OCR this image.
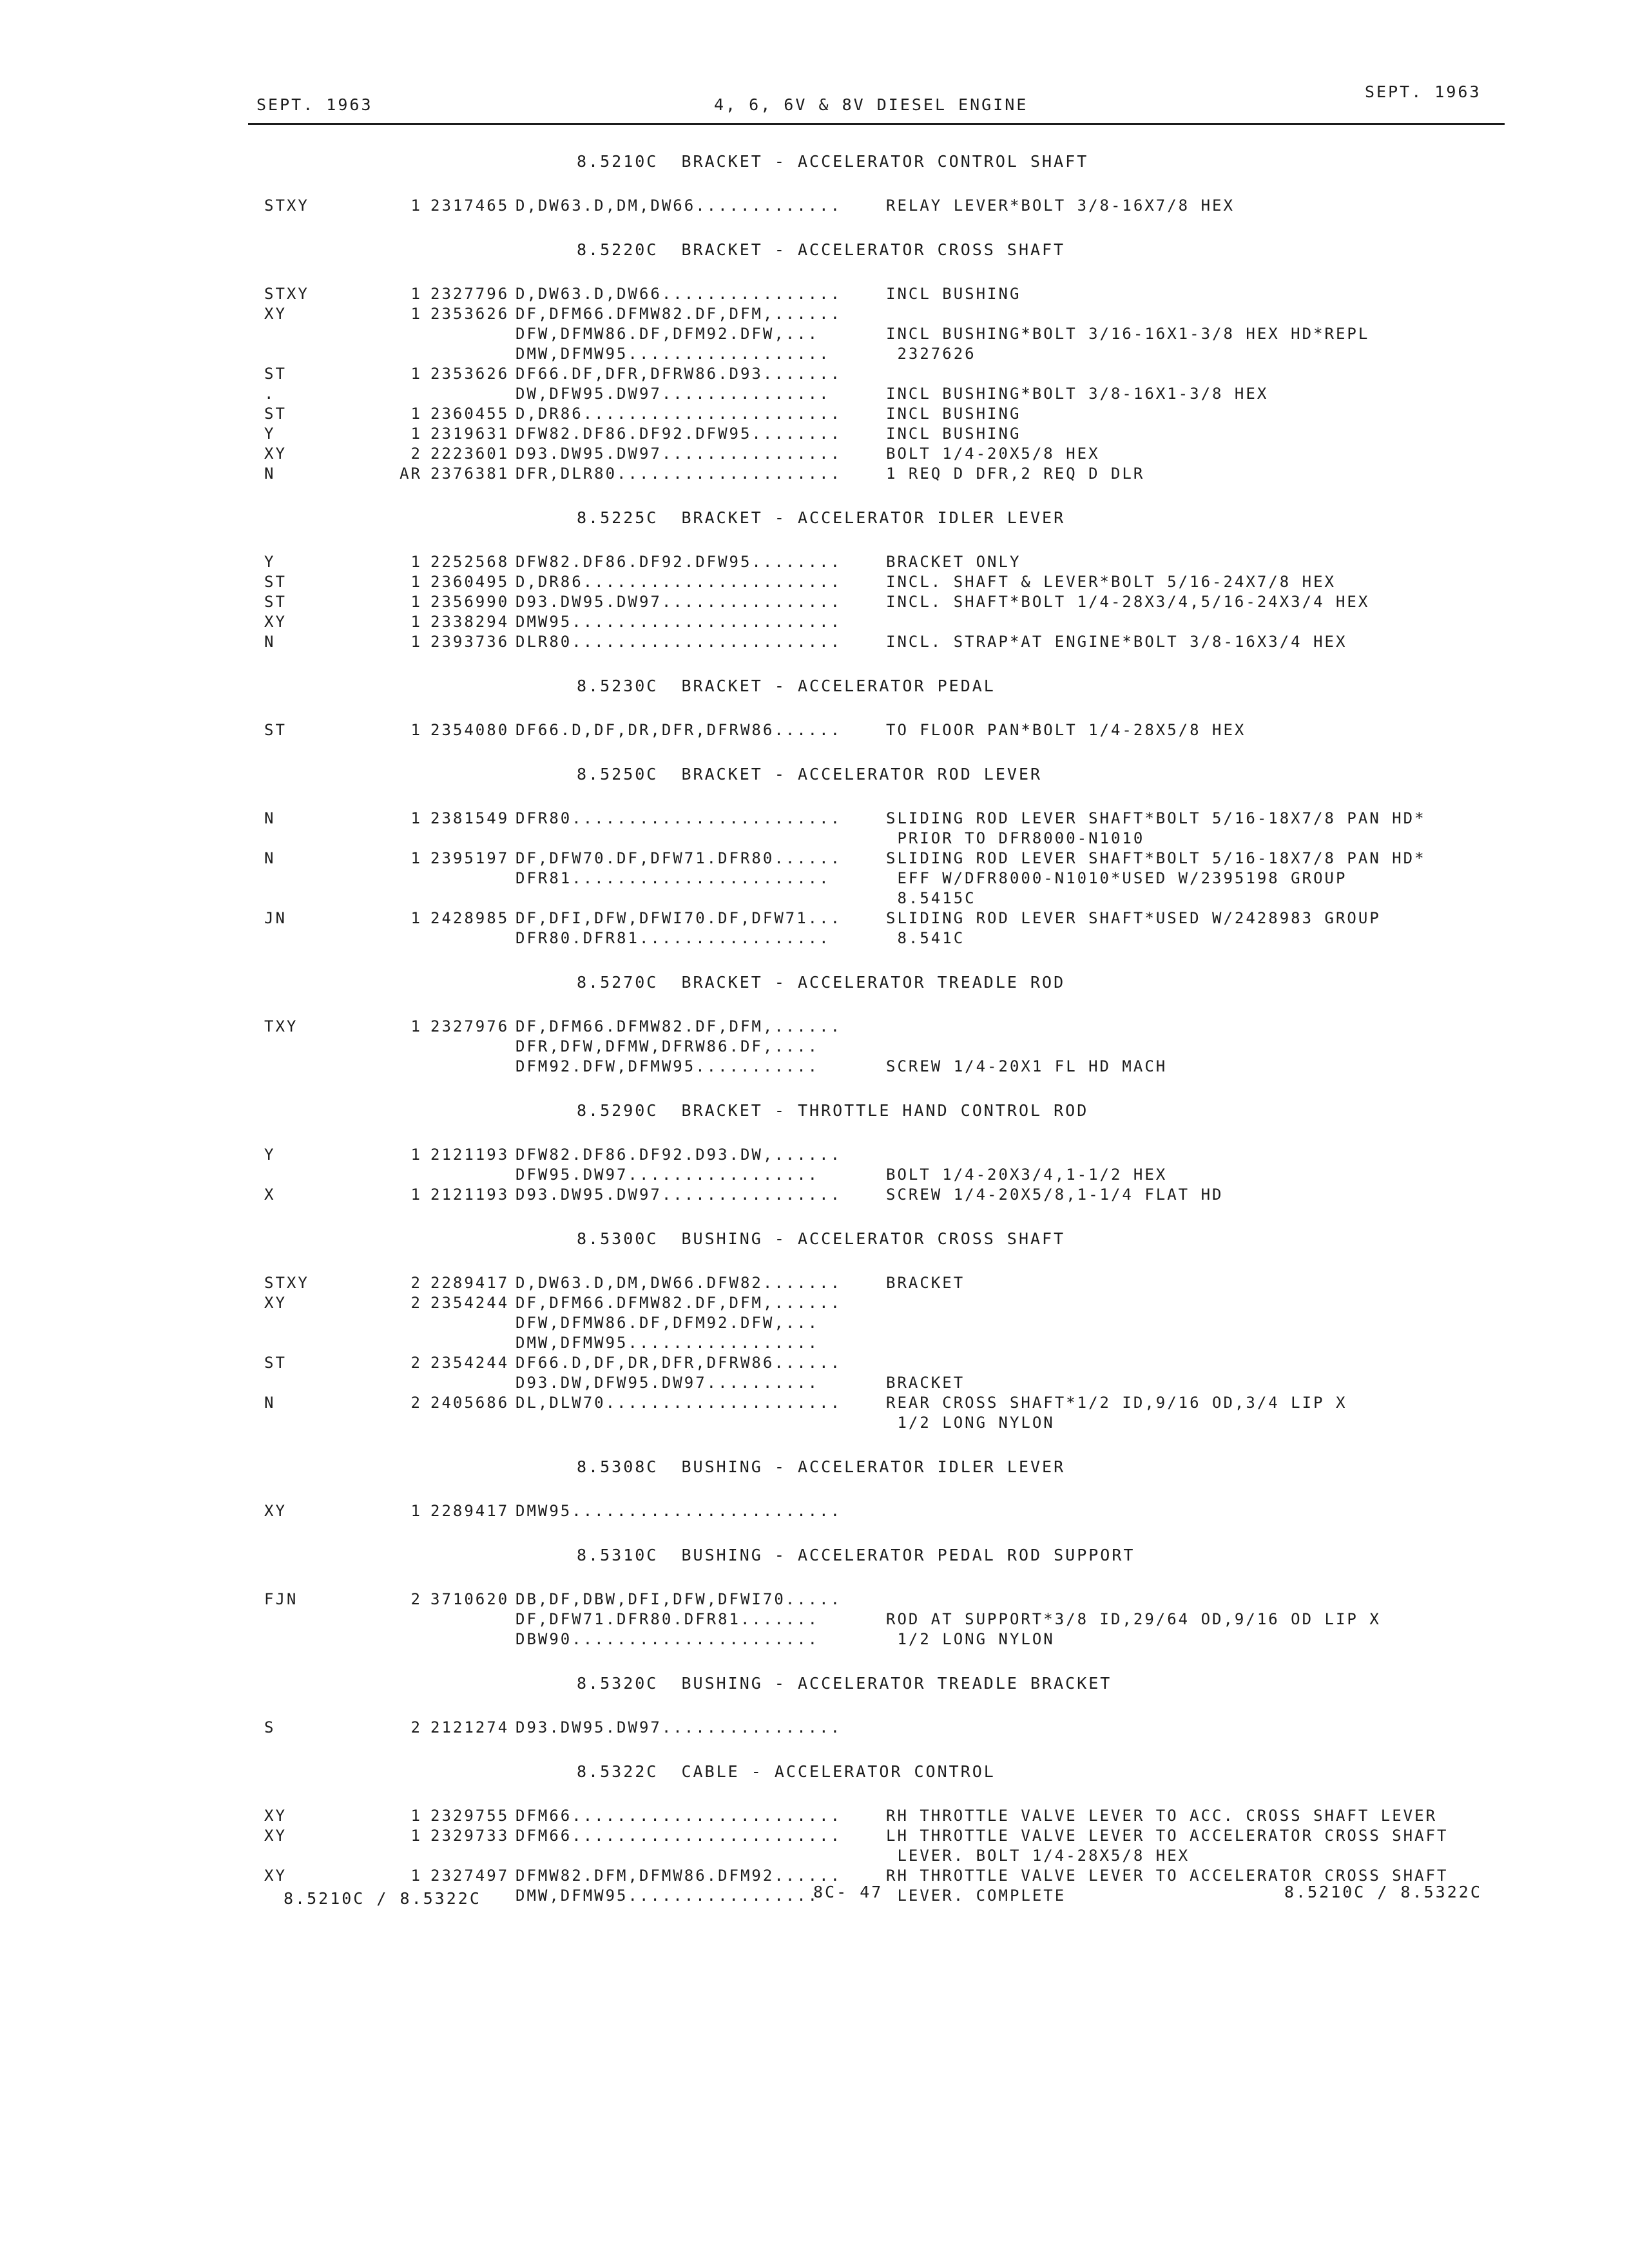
SEPT. 1963	4, 6, 6V & 8V DIESEL ENGINE
SEPT. 1963
8.5210C  BRACKET - ACCELERATOR CONTROL SHAFT
STXY	1 2317465 D,DW63.D,DM,DW66.............	RELAY LEVER*BOLT 3/8-16X7/8 HEX
8.5220C  BRACKET - ACCELERATOR CROSS SHAFT
STXY	1 2327796 D,DW63.D,DW66................	INCL BUSHING
XY	1 2353626 DF,DFM66.DFMW82.DF,DFM,......
DFW,DFMW86.DF,DFM92.DFW,...	INCL BUSHING*BOLT 3/16-16X1-3/8 HEX HD*REPL
DMW,DFMW95..................	2327626
ST	1 2353626 DF66.DF,DFR,DFRW86.D93.......
.	DW,DFW95.DW97...............	INCL BUSHING*BOLT 3/8-16X1-3/8 HEX
ST	1 2360455 D,DR86.......................	INCL BUSHING
Y	1 2319631 DFW82.DF86.DF92.DFW95........	INCL BUSHING
XY	2 2223601 D93.DW95.DW97................	BOLT 1/4-20X5/8 HEX
N	AR 2376381 DFR,DLR80....................	1 REQ D DFR,2 REQ D DLR
8.5225C  BRACKET - ACCELERATOR IDLER LEVER
Y	1 2252568 DFW82.DF86.DF92.DFW95........	BRACKET ONLY
ST	1 2360495 D,DR86.......................	INCL. SHAFT & LEVER*BOLT 5/16-24X7/8 HEX
ST	1 2356990 D93.DW95.DW97................	INCL. SHAFT*BOLT 1/4-28X3/4,5/16-24X3/4 HEX
XY	1 2338294 DMW95........................
N	1 2393736 DLR80........................	INCL. STRAP*AT ENGINE*BOLT 3/8-16X3/4 HEX
8.5230C  BRACKET - ACCELERATOR PEDAL
ST	1 2354080 DF66.D,DF,DR,DFR,DFRW86......	TO FLOOR PAN*BOLT 1/4-28X5/8 HEX
8.5250C  BRACKET - ACCELERATOR ROD LEVER
N	1 2381549 DFR80........................	SLIDING ROD LEVER SHAFT*BOLT 5/16-18X7/8 PAN HD*
PRIOR TO DFR8000-N1010
N	1 2395197 DF,DFW70.DF,DFW71.DFR80......	SLIDING ROD LEVER SHAFT*BOLT 5/16-18X7/8 PAN HD*
DFR81.......................	EFF W/DFR8000-N1010*USED W/2395198 GROUP
8.5415C
JN	1 2428985 DF,DFI,DFW,DFWI70.DF,DFW71...	SLIDING ROD LEVER SHAFT*USED W/2428983 GROUP
DFR80.DFR81.................	8.541C
8.5270C  BRACKET - ACCELERATOR TREADLE ROD
TXY	1 2327976 DF,DFM66.DFMW82.DF,DFM,......
DFR,DFW,DFMW,DFRW86.DF,....
DFM92.DFW,DFMW95...........	SCREW 1/4-20X1 FL HD MACH
8.5290C  BRACKET - THROTTLE HAND CONTROL ROD
Y	1 2121193 DFW82.DF86.DF92.D93.DW,......
DFW95.DW97.................	BOLT 1/4-20X3/4,1-1/2 HEX
X	1 2121193 D93.DW95.DW97................	SCREW 1/4-20X5/8,1-1/4 FLAT HD
8.5300C  BUSHING - ACCELERATOR CROSS SHAFT
STXY	2 2289417 D,DW63.D,DM,DW66.DFW82.......	BRACKET
XY	2 2354244 DF,DFM66.DFMW82.DF,DFM,......
DFW,DFMW86.DF,DFM92.DFW,...
DMW,DFMW95.................
ST	2 2354244 DF66.D,DF,DR,DFR,DFRW86......
D93.DW,DFW95.DW97..........	BRACKET
N	2 2405686 DL,DLW70.....................	REAR CROSS SHAFT*1/2 ID,9/16 OD,3/4 LIP X
1/2 LONG NYLON
8.5308C  BUSHING - ACCELERATOR IDLER LEVER
XY	1 2289417 DMW95........................
8.5310C  BUSHING - ACCELERATOR PEDAL ROD SUPPORT
FJN	2 3710620 DB,DF,DBW,DFI,DFW,DFWI70.....
DF,DFW71.DFR80.DFR81.......	ROD AT SUPPORT*3/8 ID,29/64 OD,9/16 OD LIP X
DBW90......................	1/2 LONG NYLON
8.5320C  BUSHING - ACCELERATOR TREADLE BRACKET
S	2 2121274 D93.DW95.DW97................
8.5322C  CABLE - ACCELERATOR CONTROL
XY	1 2329755 DFM66........................	RH THROTTLE VALVE LEVER TO ACC. CROSS SHAFT LEVER
XY	1 2329733 DFM66........................	LH THROTTLE VALVE LEVER TO ACCELERATOR CROSS SHAFT
LEVER. BOLT 1/4-28X5/8 HEX
XY	1 2327497 DFMW82.DFM,DFMW86.DFM92......	RH THROTTLE VALVE LEVER TO ACCELERATOR CROSS SHAFT
DMW,DFMW95.................	LEVER. COMPLETE
8.5210C / 8.5322C	8C- 47	8.5210C / 8.5322C
